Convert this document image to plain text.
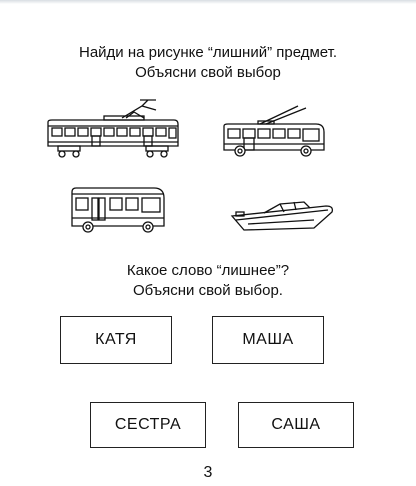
Найди на рисунке “лишний” предмет.
Объясни свой выбор
Какое слово “лишнее”?
Объясни свой выбор.
КАТЯ	МАША
СЕСТРА	САША
3
